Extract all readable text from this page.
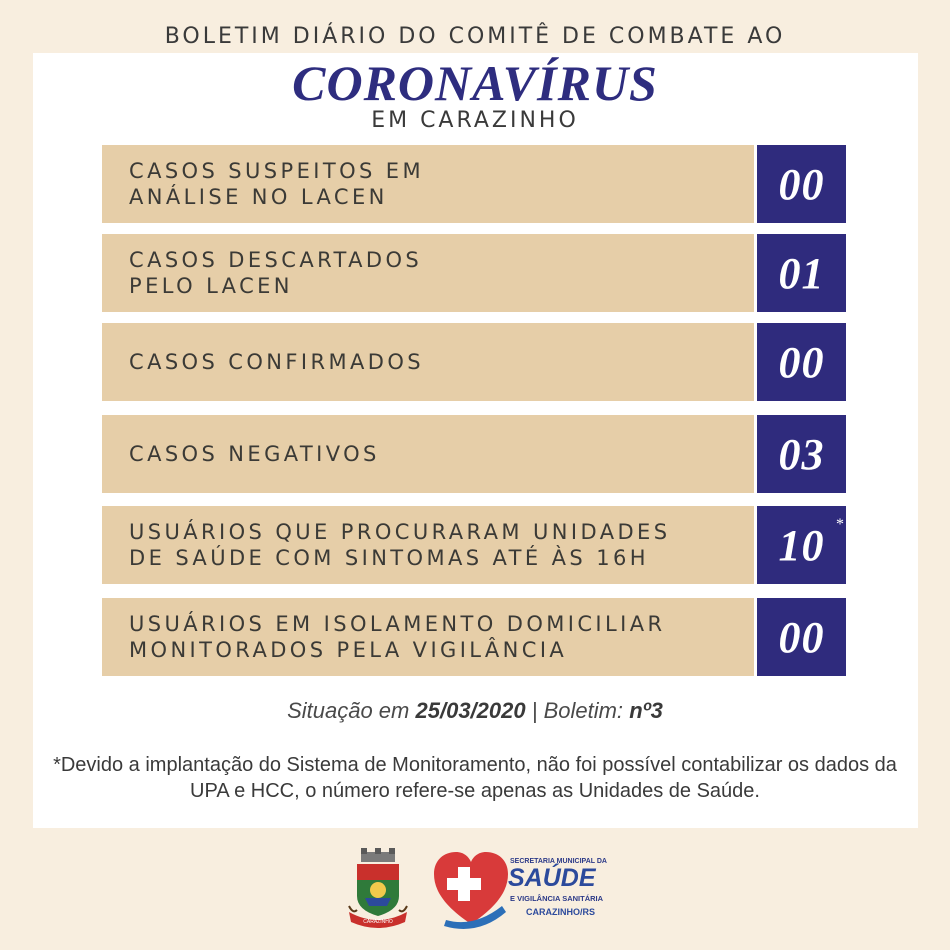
BOLETIM DIÁRIO DO COMITÊ DE COMBATE AO
CORONAVÍRUS
EM CARAZINHO
CASOS SUSPEITOS EM
ANÁLISE NO LACEN	00
CASOS DESCARTADOS
PELO LACEN	01
CASOS CONFIRMADOS	00
CASOS NEGATIVOS	03
USUÁRIOS QUE PROCURARAM UNIDADES
DE SAÚDE COM SINTOMAS ATÉ ÀS 16H	10 *
USUÁRIOS EM ISOLAMENTO DOMICILIAR
MONITORADOS PELA VIGILÂNCIA	00
Situação em 25/03/2020 | Boletim: nº3
*Devido a implantação do Sistema de Monitoramento, não foi possível contabilizar os dados da UPA e HCC, o número refere-se apenas as Unidades de Saúde.
CARAZINHO
SECRETARIA MUNICIPAL DA
SAÚDE
E VIGILÂNCIA SANITÁRIA
CARAZINHO/RS
